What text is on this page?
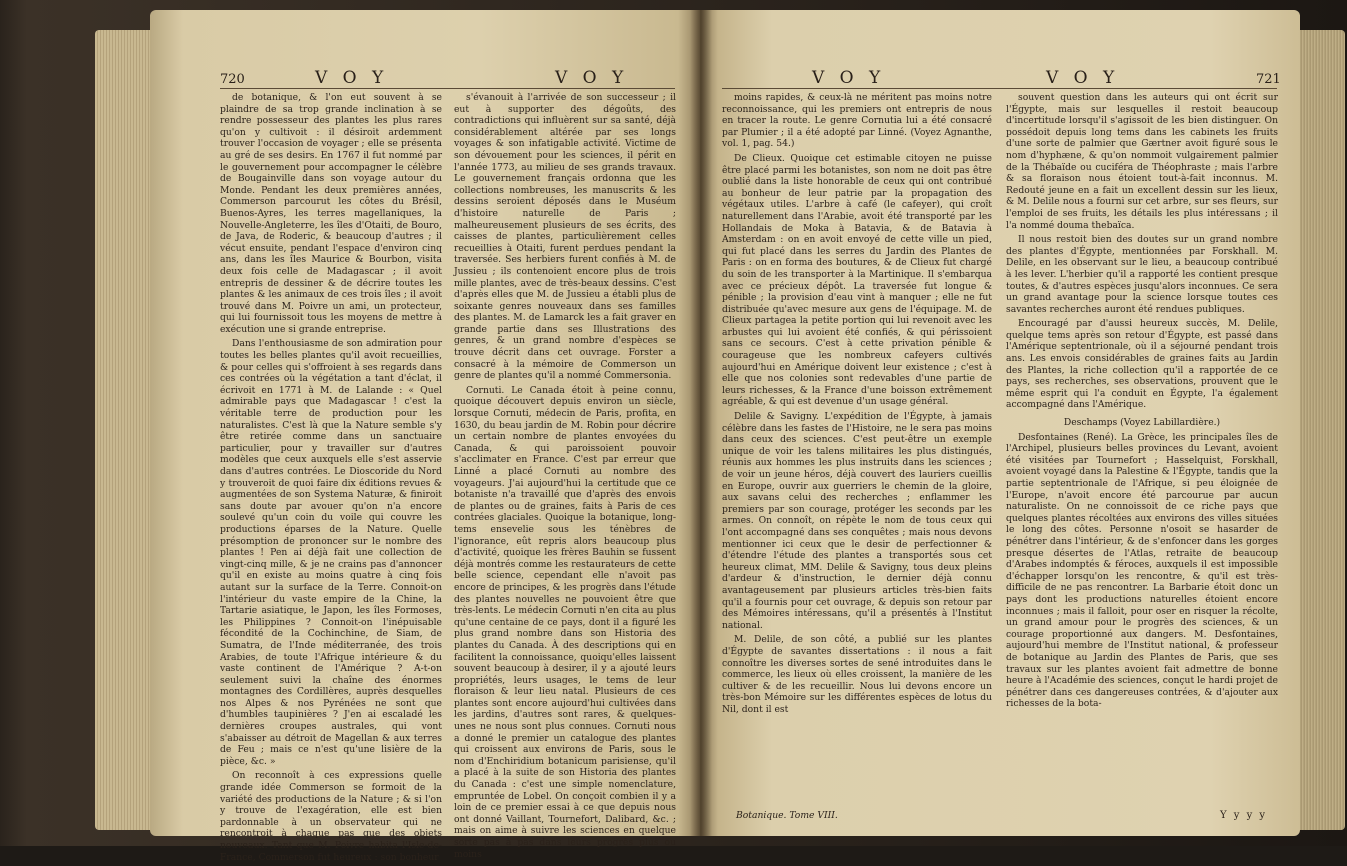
720	V O Y	V O Y

de botanique, & l'on eut souvent à se plaindre de sa trop grande inclination à se rendre possesseur des plantes les plus rares qu'on y cultivoit : il désiroit ardemment trouver l'occasion de voyager ; elle se présenta au gré de ses desirs. En 1767 il fut nommé par le gouvernement pour accompagner le célèbre de Bougainville dans son voyage autour du Monde. Pendant les deux premières années, Commerson parcourut les côtes du Brésil, Buenos-Ayres, les terres magellaniques, la Nouvelle-Angleterre, les îles d'Otaiti, de Bouro, de Java, de Roderic, & beaucoup d'autres ; il vécut ensuite, pendant l'espace d'environ cinq ans, dans les îles Maurice & Bourbon, visita deux fois celle de Madagascar ; il avoit entrepris de dessiner & de décrire toutes les plantes & les animaux de ces trois îles ; il avoit trouvé dans M. Poivre un ami, un protecteur, qui lui fournissoit tous les moyens de mettre à exécution une si grande entreprise.

Dans l'enthousiasme de son admiration pour toutes les belles plantes qu'il avoit recueillies, & pour celles qui s'offroient à ses regards dans ces contrées où la végétation a tant d'éclat, il écrivoit en 1771 à M. de Lalande : « Quel admirable pays que Madagascar ! c'est la véritable terre de production pour les naturalistes. C'est là que la Nature semble s'y être retirée comme dans un sanctuaire particulier, pour y travailler sur d'autres modèles que ceux auxquels elle s'est asservie dans d'autres contrées. Le Dioscoride du Nord y trouveroit de quoi faire dix éditions revues & augmentées de son Systema Naturæ, & finiroit sans doute par avouer qu'on n'a encore soulevé qu'un coin du voile qui couvre les productions éparses de la Nature. Quelle présomption de prononcer sur le nombre des plantes ! Pen ai déjà fait une collection de vingt-cinq mille, & je ne crains pas d'annoncer qu'il en existe au moins quatre à cinq fois autant sur la surface de la Terre. Connoit-on l'intérieur du vaste empire de la Chine, la Tartarie asiatique, le Japon, les îles Formoses, les Philippines ? Connoit-on l'inépuisable fécondité de la Cochinchine, de Siam, de Sumatra, de l'Inde méditerranée, des trois Arabies, de toute l'Afrique intérieure & du vaste continent de l'Amérique ? A-t-on seulement suivi la chaîne des énormes montagnes des Cordillères, auprès desquelles nos Alpes & nos Pyrénées ne sont que d'humbles taupinières ? J'en ai escaladé les dernières croupes australes, qui vont s'abaisser au détroit de Magellan & aux terres de Feu ; mais ce n'est qu'une lisière de la pièce, &c. »

On reconnoît à ces expressions quelle grande idée Commerson se formoit de la variété des productions de la Nature ; & si l'on y trouve de l'exagération, elle est bien pardonnable à un observateur qui ne rencontroit à chaque pas que des objets nouveaux. Tant que M. Poivre habita l'Isle-de-France, Commerson fut heureux : son bonheur

s'évanouit à l'arrivée de son successeur ; il eut à supporter des dégoûts, des contradictions qui influèrent sur sa santé, déjà considérablement altérée par ses longs voyages & son infatigable activité. Victime de son dévouement pour les sciences, il périt en l'année 1773, au milieu de ses grands travaux. Le gouvernement français ordonna que les collections nombreuses, les manuscrits & les dessins seroient déposés dans le Muséum d'histoire naturelle de Paris ; malheureusement plusieurs de ses écrits, des caisses de plantes, particulièrement celles recueillies à Otaiti, furent perdues pendant la traversée. Ses herbiers furent confiés à M. de Jussieu ; ils contenoient encore plus de trois mille plantes, avec de très-beaux dessins. C'est d'après elles que M. de Jussieu a établi plus de soixante genres nouveaux dans ses familles des plantes. M. de Lamarck les a fait graver en grande partie dans ses Illustrations des genres, & un grand nombre d'espèces se trouve décrit dans cet ouvrage. Forster a consacré à la mémoire de Commerson un genre de plantes qu'il a nommé Commersonia.

Cornuti. Le Canada étoit à peine connu, quoique découvert depuis environ un siècle, lorsque Cornuti, médecin de Paris, profita, en 1630, du beau jardin de M. Robin pour décrire un certain nombre de plantes envoyées du Canada, & qui paroissoient pouvoir s'acclimater en France. C'est par erreur que Linné a placé Cornuti au nombre des voyageurs. J'ai aujourd'hui la certitude que ce botaniste n'a travaillé que d'après des envois de plantes ou de graines, faits à Paris de ces contrées glaciales. Quoique la botanique, long-tems ensevelie sous les ténèbres de l'ignorance, eût repris alors beaucoup plus d'activité, quoique les frères Bauhin se fussent déjà montrés comme les restaurateurs de cette belle science, cependant elle n'avoit pas encore de principes, & les progrès dans l'étude des plantes nouvelles ne pouvoient être que très-lents. Le médecin Cornuti n'en cita au plus qu'une centaine de ce pays, dont il a figuré les plus grand nombre dans son Historia des plantes du Canada. À des descriptions qui en facilitent la connoissance, quoiqu'elles laissent souvent beaucoup à desirer, il y a ajouté leurs propriétés, leurs usages, le tems de leur floraison & leur lieu natal. Plusieurs de ces plantes sont encore aujourd'hui cultivées dans les jardins, d'autres sont rares, & quelques-unes ne nous sont plus connues. Cornuti nous a donné le premier un catalogue des plantes qui croissent aux environs de Paris, sous le nom d'Enchiridium botanicum parisiense, qu'il a placé à la suite de son Historia des plantes du Canada : c'est une simple nomenclature, empruntée de Lobel. On conçoit combien il y a loin de ce premier essai à ce que depuis nous ont donné Vaillant, Tournefort, Dalibard, &c. ; mais on aime à suivre les sciences en quelque sorte pas à pas dans leurs progrès plus ou moins

V O Y	V O Y	721

moins rapides, & ceux-là ne méritent pas moins notre reconnoissance, qui les premiers ont entrepris de nous en tracer la route. Le genre Cornutia lui a été consacré par Plumier ; il a été adopté par Linné. (Voyez Agnanthe, vol. 1, pag. 54.)

De Clieux. Quoique cet estimable citoyen ne puisse être placé parmi les botanistes, son nom ne doit pas être oublié dans la liste honorable de ceux qui ont contribué au bonheur de leur patrie par la propagation des végétaux utiles. L'arbre à café (le cafeyer), qui croît naturellement dans l'Arabie, avoit été transporté par les Hollandais de Moka à Batavia, & de Batavia à Amsterdam : on en avoit envoyé de cette ville un pied, qui fut placé dans les serres du Jardin des Plantes de Paris : on en forma des boutures, & de Clieux fut chargé du soin de les transporter à la Martinique. Il s'embarqua avec ce précieux dépôt. La traversée fut longue & pénible ; la provision d'eau vint à manquer ; elle ne fut distribuée qu'avec mesure aux gens de l'équipage. M. de Clieux partagea la petite portion qui lui revenoit avec les arbustes qui lui avoient été confiés, & qui périssoient sans ce secours. C'est à cette privation pénible & courageuse que les nombreux cafeyers cultivés aujourd'hui en Amérique doivent leur existence ; c'est à elle que nos colonies sont redevables d'une partie de leurs richesses, & la France d'une boisson extrêmement agréable, & qui est devenue d'un usage général.

Delile & Savigny. L'expédition de l'Égypte, à jamais célèbre dans les fastes de l'Histoire, ne le sera pas moins dans ceux des sciences. C'est peut-être un exemple unique de voir les talens militaires les plus distingués, réunis aux hommes les plus instruits dans les sciences ; de voir un jeune héros, déjà couvert des lauriers cueillis en Europe, ouvrir aux guerriers le chemin de la gloire, aux savans celui des recherches ; enflammer les premiers par son courage, protéger les seconds par les armes. On connoît, on répète le nom de tous ceux qui l'ont accompagné dans ses conquêtes ; mais nous devons mentionner ici ceux que le desir de perfectionner & d'étendre l'étude des plantes a transportés sous cet heureux climat, MM. Delile & Savigny, tous deux pleins d'ardeur & d'instruction, le dernier déjà connu avantageusement par plusieurs articles très-bien faits qu'il a fournis pour cet ouvrage, & depuis son retour par des Mémoires intéressans, qu'il a présentés à l'Institut national.

M. Delile, de son côté, a publié sur les plantes d'Égypte de savantes dissertations : il nous a fait connoître les diverses sortes de sené introduites dans le commerce, les lieux où elles croissent, la manière de les cultiver & de les recueillir. Nous lui devons encore un très-bon Mémoire sur les différentes espèces de lotus du Nil, dont il est

souvent question dans les auteurs qui ont écrit sur l'Égypte, mais sur lesquelles il restoit beaucoup d'incertitude lorsqu'il s'agissoit de les bien distinguer. On possédoit depuis long tems dans les cabinets les fruits d'une sorte de palmier que Gærtner avoit figuré sous le nom d'hyphæne, & qu'on nommoit vulgairement palmier de la Thébaïde ou cuciféra de Théophraste ; mais l'arbre & sa floraison nous étoient tout-à-fait inconnus. M. Redouté jeune en a fait un excellent dessin sur les lieux, & M. Delile nous a fourni sur cet arbre, sur ses fleurs, sur l'emploi de ses fruits, les détails les plus intéressans ; il l'a nommé douma thebaïca.

Il nous restoit bien des doutes sur un grand nombre des plantes d'Égypte, mentionnées par Forskhall. M. Delile, en les observant sur le lieu, a beaucoup contribué à les lever. L'herbier qu'il a rapporté les contient presque toutes, & d'autres espèces jusqu'alors inconnues. Ce sera un grand avantage pour la science lorsque toutes ces savantes recherches auront été rendues publiques.

Encouragé par d'aussi heureux succès, M. Delile, quelque tems après son retour d'Égypte, est passé dans l'Amérique septentrionale, où il a séjourné pendant trois ans. Les envois considérables de graines faits au Jardin des Plantes, la riche collection qu'il a rapportée de ce pays, ses recherches, ses observations, prouvent que le même esprit qui l'a conduit en Égypte, l'a également accompagné dans l'Amérique.

Deschamps (Voyez Labillardière.)

Desfontaines (René). La Grèce, les principales îles de l'Archipel, plusieurs belles provinces du Levant, avoient été visitées par Tournefort ; Hasselquist, Forskhall, avoient voyagé dans la Palestine & l'Égypte, tandis que la partie septentrionale de l'Afrique, si peu éloignée de l'Europe, n'avoit encore été parcourue par aucun naturaliste. On ne connoissoit de ce riche pays que quelques plantes récoltées aux environs des villes situées le long des côtes. Personne n'osoit se hasarder de pénétrer dans l'intérieur, & de s'enfoncer dans les gorges presque désertes de l'Atlas, retraite de beaucoup d'Arabes indomptés & féroces, auxquels il est impossible d'échapper lorsqu'on les rencontre, & qu'il est très-difficile de ne pas rencontrer. La Barbarie étoit donc un pays dont les productions naturelles étoient encore inconnues ; mais il falloit, pour oser en risquer la récolte, un grand amour pour le progrès des sciences, & un courage proportionné aux dangers. M. Desfontaines, aujourd'hui membre de l'Institut national, & professeur de botanique au Jardin des Plantes de Paris, que ses travaux sur les plantes avoient fait admettre de bonne heure à l'Académie des sciences, conçut le hardi projet de pénétrer dans ces dangereuses contrées, & d'ajouter aux richesses de la bota-

Botanique. Tome VIII.	Y y y y
